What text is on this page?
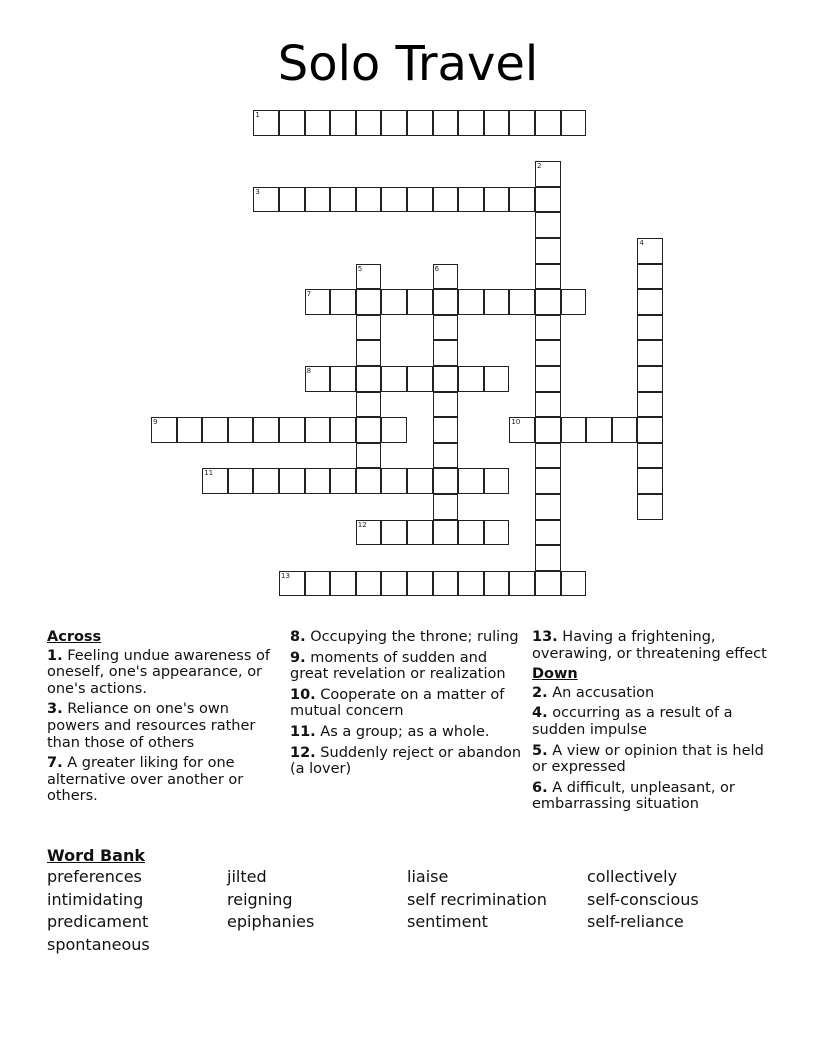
Solo Travel
1
2
3
4
5	6
7
8
9	10
11
12
13
Across
1. Feeling undue awareness of oneself, one's appearance, or one's actions.
3. Reliance on one's own powers and resources rather than those of others
7. A greater liking for one alternative over another or others.
8. Occupying the throne; ruling
9. moments of sudden and great revelation or realization
10. Cooperate on a matter of mutual concern
11. As a group; as a whole.
12. Suddenly reject or abandon (a lover)
13. Having a frightening, overawing, or threatening effect
Down
2. An accusation
4. occurring as a result of a sudden impulse
5. A view or opinion that is held or expressed
6. A difficult, unpleasant, or embarrassing situation
Word Bank
preferences	jilted	liaise	collectively
intimidating	reigning	self recrimination	self-conscious
predicament	epiphanies	sentiment	self-reliance
spontaneous
